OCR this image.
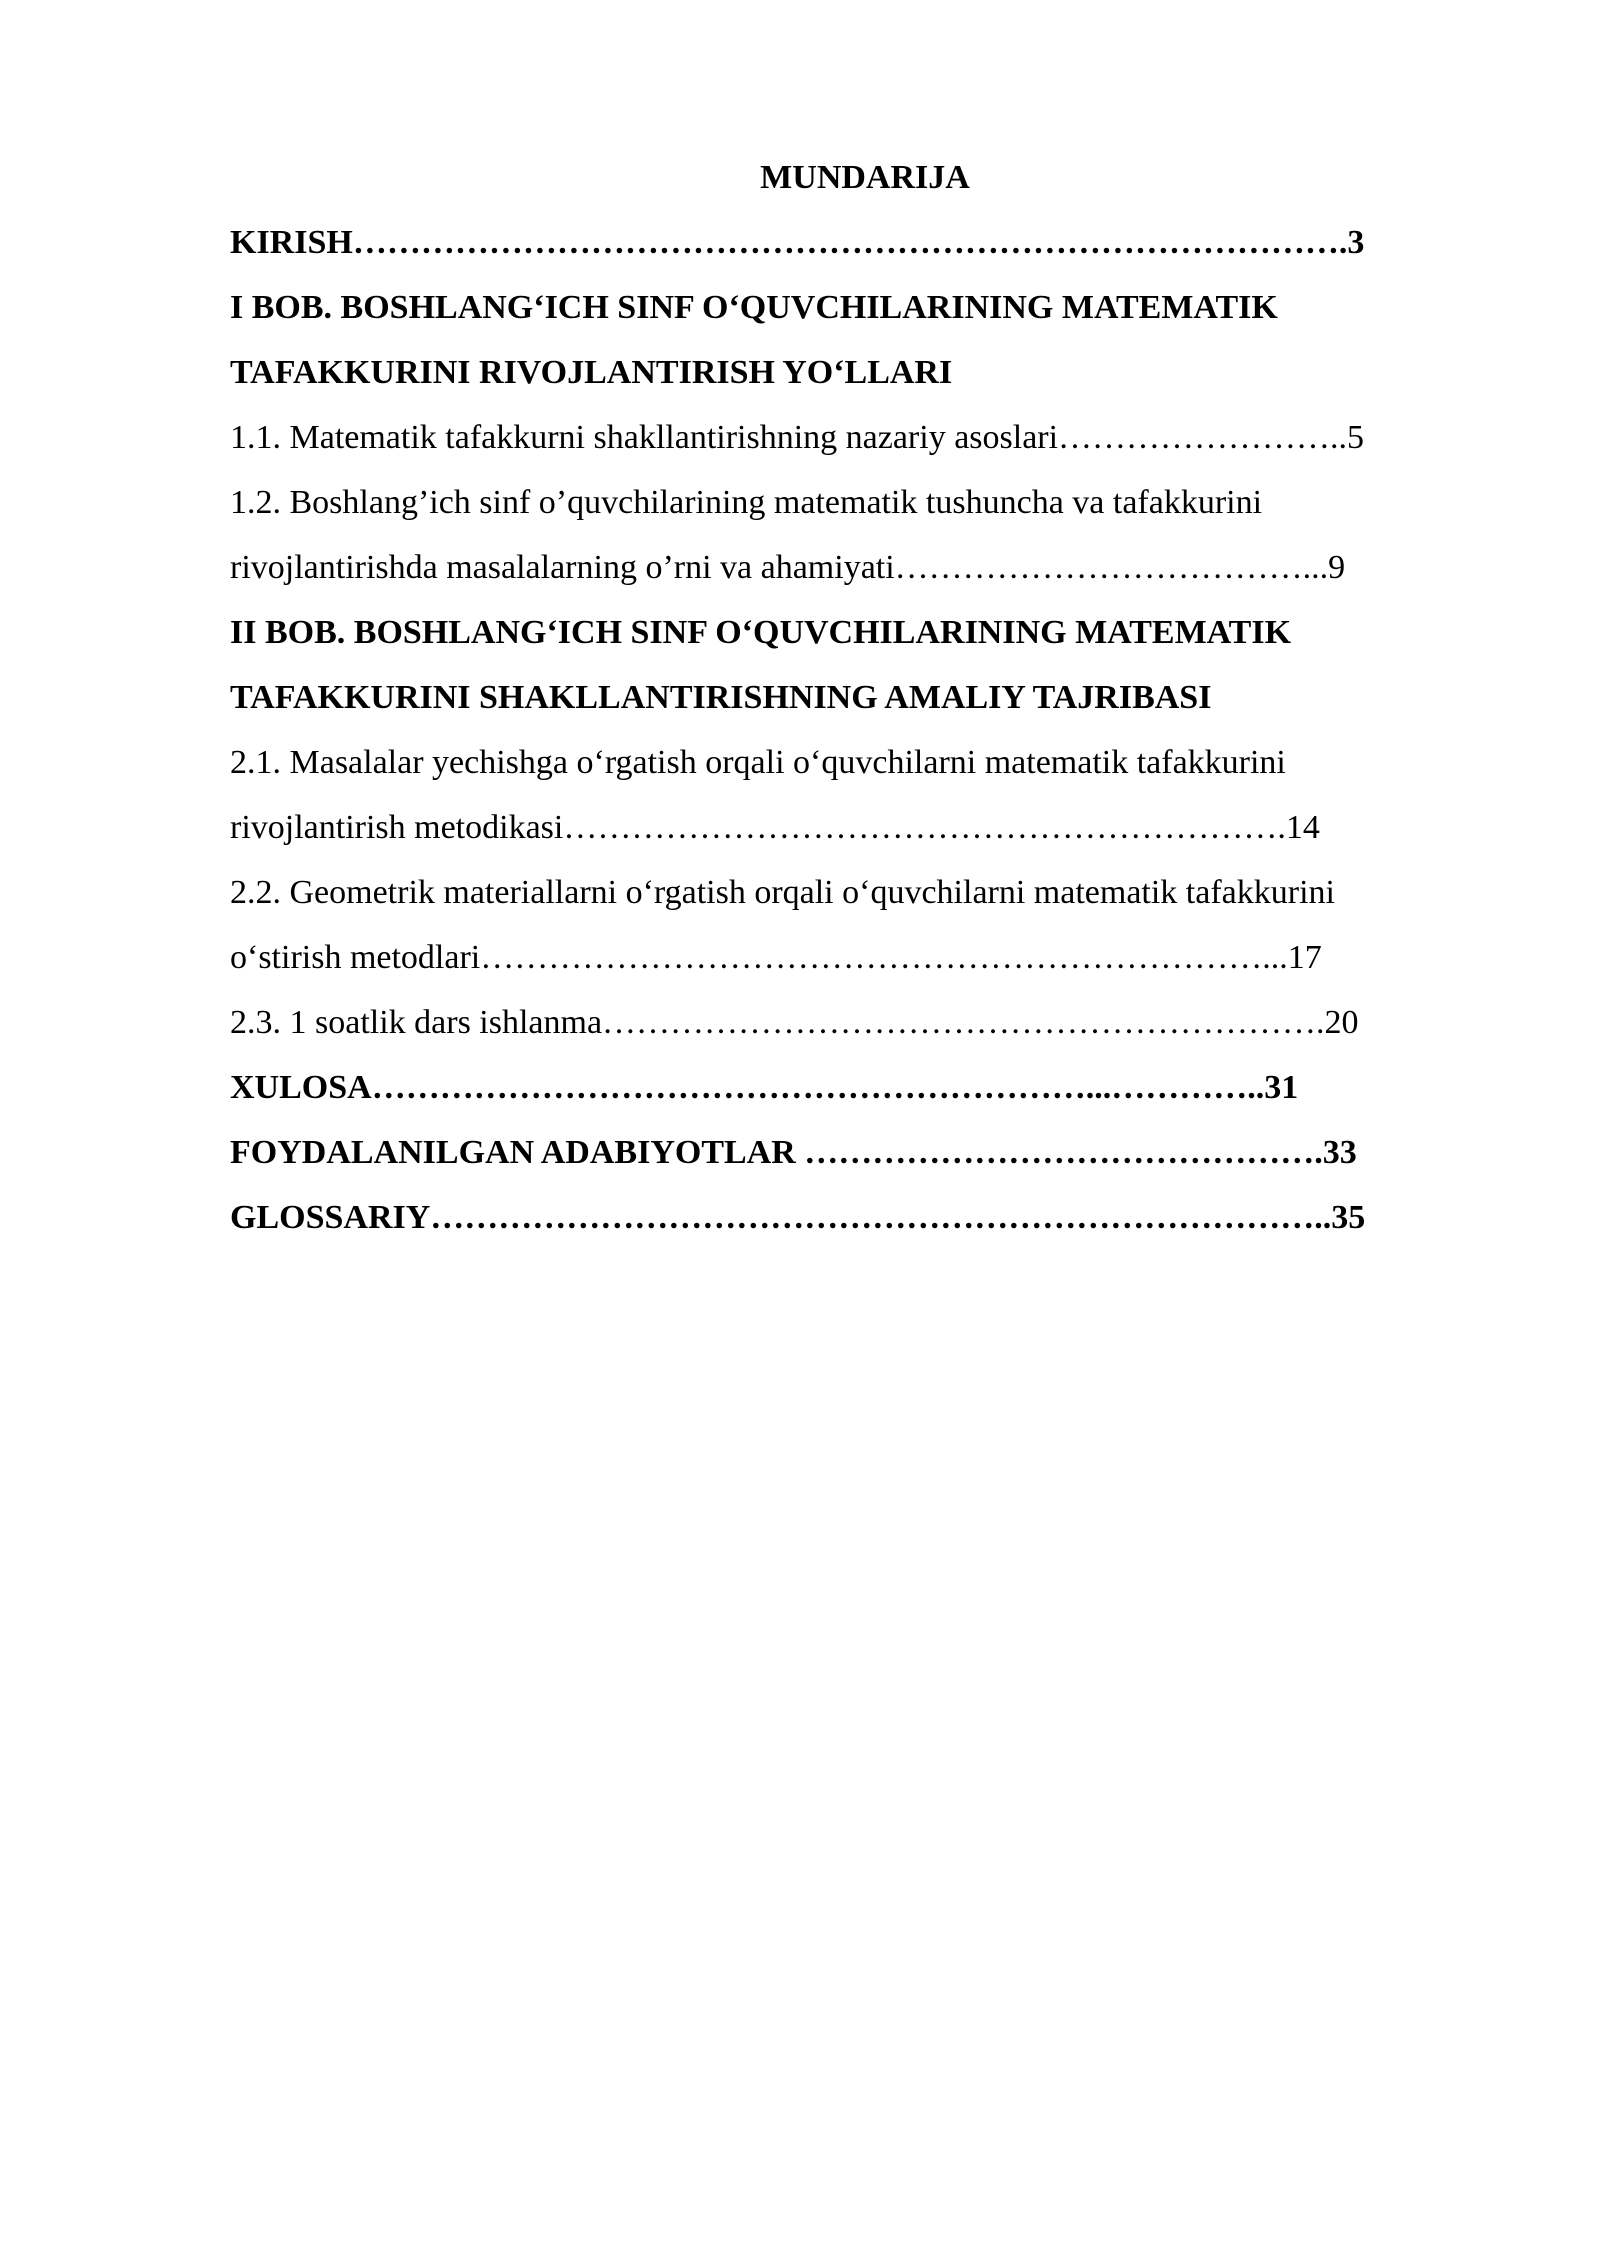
MUNDARIJA
KIRISH…………………………………………………………………………….3
I BOB. BOSHLANG‘ICH SINF O‘QUVCHILARINING MATEMATIK
TAFAKKURINI RIVOJLANTIRISH YO‘LLARI
1.1. Matematik tafakkurni shakllantirishning nazariy asoslari……………………..5
1.2. Boshlang’ich sinf o’quvchilarining matematik tushuncha va tafakkurini
rivojlantirishda masalalarning o’rni va ahamiyati………………………………...9
II BOB. BOSHLANG‘ICH SINF O‘QUVCHILARINING MATEMATIK
TAFAKKURINI SHAKLLANTIRISHNING AMALIY TAJRIBASI
2.1. Masalalar yechishga o‘rgatish orqali o‘quvchilarni matematik tafakkurini
rivojlantirish metodikasi……………………………………………………….14
2.2. Geometrik materiallarni o‘rgatish orqali o‘quvchilarni matematik tafakkurini
o‘stirish metodlari……………………………………………………………...17
2.3. 1 soatlik dars ishlanma……………………………………………………….20
XULOSA………………………………………………………...…………..31
FOYDALANILGAN ADABIYOTLAR ……………………………………….33
GLOSSARIY……………………………………………………………………..35
